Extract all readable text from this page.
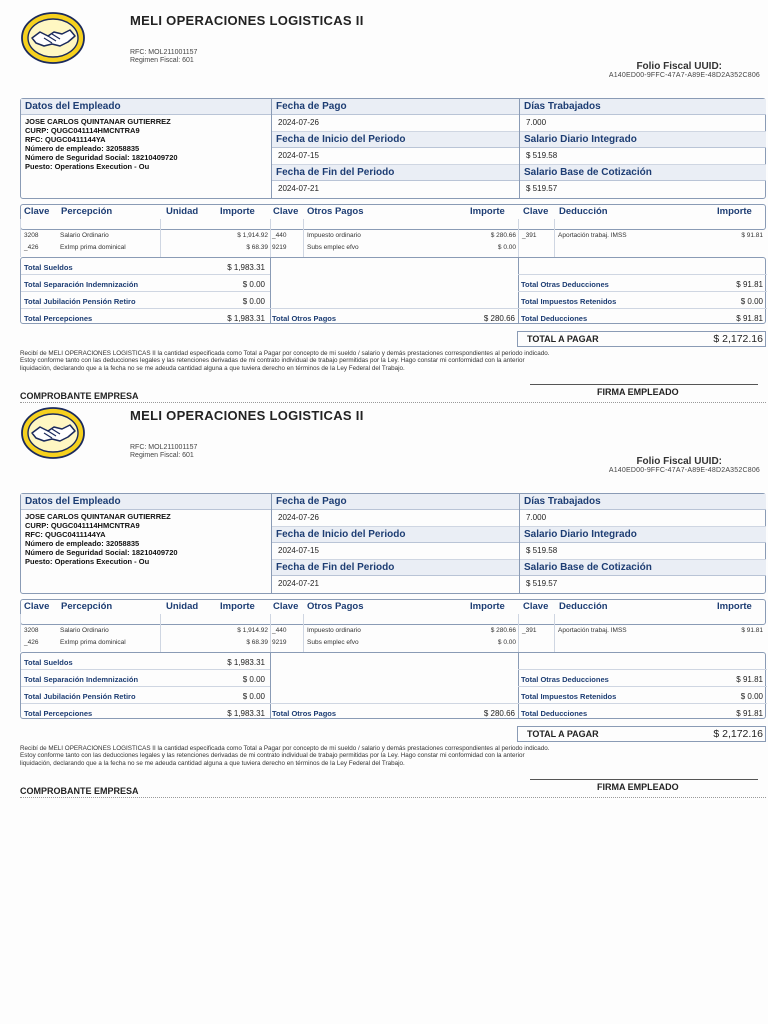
MELI OPERACIONES LOGISTICAS II
RFC: MOL211001157
Regimen Fiscal: 601
Folio Fiscal UUID:
A140ED00-9FFC-47A7-A89E-48D2A352C806
Datos del Empleado
JOSE CARLOS QUINTANAR GUTIERREZ
CURP: QUGC041114HMCNTRA9
RFC: QUGC0411144YA
Número de empleado: 32058835
Número de Seguridad Social: 18210409720
Puesto: Operations Execution - Ou
Fecha de Pago
2024-07-26
Fecha de Inicio del Periodo
2024-07-15
Fecha de Fin del Periodo
2024-07-21
Días Trabajados
7.000
Salario Diario Integrado
$ 519.58
Salario Base de Cotización
$ 519.57
Clave Percepción	Unidad Importe Clave Otros Pagos	Importe Clave Deducción	Importe
3208	Salario Ordinario	$ 1,914.92
_426	ExImp prima dominical	$ 68.39
_440	Impuesto ordinario	$ 280.66
9219	Subs emplec efvo	$ 0.00
_391	Aportación trabaj. IMSS	$ 91.81
Total Sueldos	$ 1,983.31
Total Separación Indemnización	$ 0.00
Total Jubilación Pensión Retiro	$ 0.00
Total Percepciones	$ 1,983.31 Total Otros Pagos	$ 280.66
Total Otras Deducciones	$ 91.81
Total Impuestos Retenidos	$ 0.00
Total Deducciones	$ 91.81
TOTAL A PAGAR	$ 2,172.16
Recibí de MELI OPERACIONES LOGISTICAS II la cantidad especificada como Total a Pagar por concepto de mi sueldo / salario y demás prestaciones correspondientes al periodo indicado. Estoy conforme tanto con las deducciones legales y las retenciones derivadas de mi contrato individual de trabajo permitidas por la Ley. Hago constar mi conformidad con la anterior liquidación, declarando que a la fecha no se me adeuda cantidad alguna a que tuviera derecho en términos de la Ley Federal del Trabajo.
FIRMA EMPLEADO
COMPROBANTE EMPRESA
MELI OPERACIONES LOGISTICAS II
RFC: MOL211001157
Regimen Fiscal: 601
Folio Fiscal UUID:
A140ED00-9FFC-47A7-A89E-48D2A352C806
Datos del Empleado
JOSE CARLOS QUINTANAR GUTIERREZ
CURP: QUGC041114HMCNTRA9
RFC: QUGC0411144YA
Número de empleado: 32058835
Número de Seguridad Social: 18210409720
Puesto: Operations Execution - Ou
Fecha de Pago
2024-07-26
Fecha de Inicio del Periodo
2024-07-15
Fecha de Fin del Periodo
2024-07-21
Días Trabajados
7.000
Salario Diario Integrado
$ 519.58
Salario Base de Cotización
$ 519.57
Clave Percepción	Unidad Importe Clave Otros Pagos	Importe Clave Deducción	Importe
3208	Salario Ordinario	$ 1,914.92
_426	ExImp prima dominical	$ 68.39
_440	Impuesto ordinario	$ 280.66
9219	Subs emplec efvo	$ 0.00
_391	Aportación trabaj. IMSS	$ 91.81
Total Sueldos	$ 1,983.31
Total Separación Indemnización	$ 0.00
Total Jubilación Pensión Retiro	$ 0.00
Total Percepciones	$ 1,983.31 Total Otros Pagos	$ 280.66
Total Otras Deducciones	$ 91.81
Total Impuestos Retenidos	$ 0.00
Total Deducciones	$ 91.81
TOTAL A PAGAR	$ 2,172.16
Recibí de MELI OPERACIONES LOGISTICAS II la cantidad especificada como Total a Pagar por concepto de mi sueldo / salario y demás prestaciones correspondientes al periodo indicado. Estoy conforme tanto con las deducciones legales y las retenciones derivadas de mi contrato individual de trabajo permitidas por la Ley. Hago constar mi conformidad con la anterior liquidación, declarando que a la fecha no se me adeuda cantidad alguna a que tuviera derecho en términos de la Ley Federal del Trabajo.
FIRMA EMPLEADO
COMPROBANTE EMPRESA
